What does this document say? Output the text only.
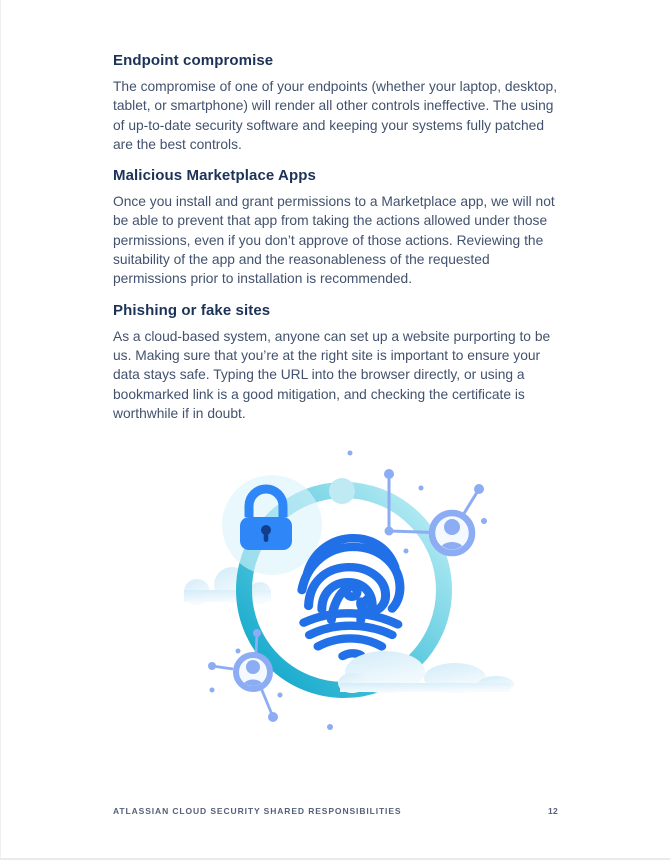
Endpoint compromise

The compromise of one of your endpoints (whether your laptop, desktop, tablet, or smartphone) will render all other controls ineffective. The using of up-to-date security software and keeping your systems fully patched are the best controls.

Malicious Marketplace Apps

Once you install and grant permissions to a Marketplace app, we will not be able to prevent that app from taking the actions allowed under those permissions, even if you don’t approve of those actions. Reviewing the suitability of the app and the reasonableness of the requested permissions prior to installation is recommended.

Phishing or fake sites

As a cloud-based system, anyone can set up a website purporting to be us. Making sure that you’re at the right site is important to ensure your data stays safe. Typing the URL into the browser directly, or using a bookmarked link is a good mitigation, and checking the certificate is worthwhile if in doubt.

ATLASSIAN CLOUD SECURITY SHARED RESPONSIBILITIES	12
